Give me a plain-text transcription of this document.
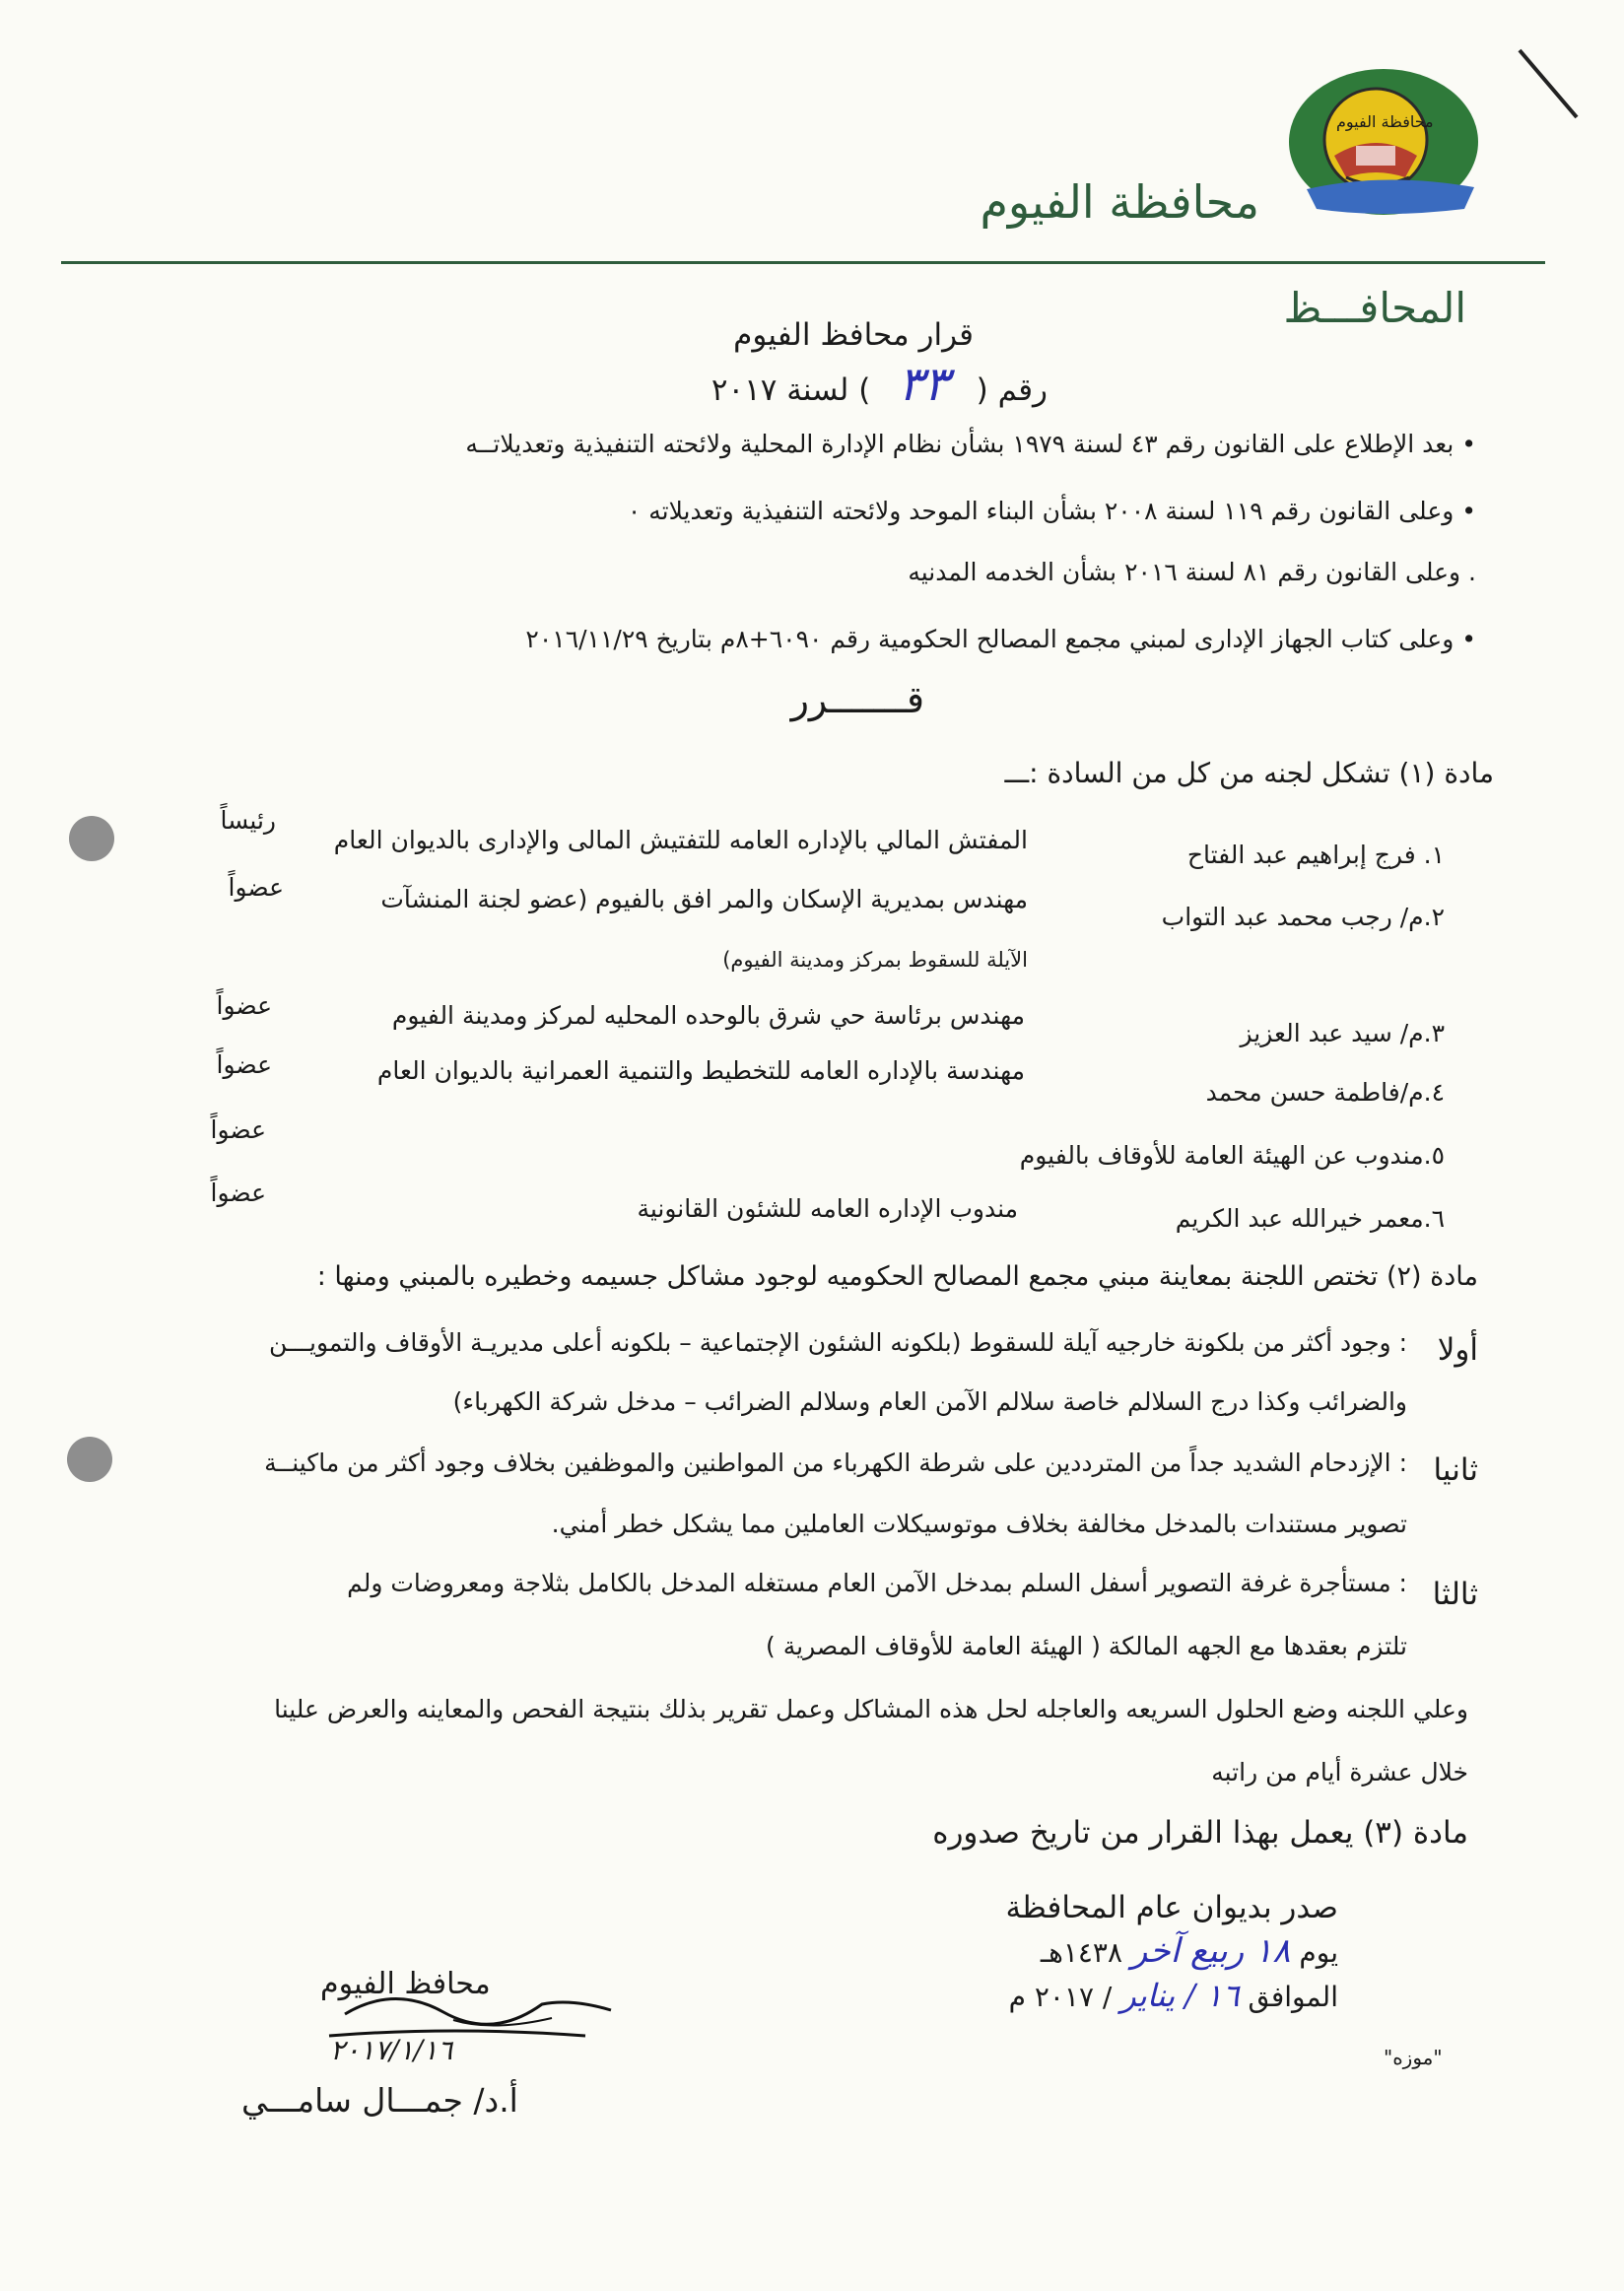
محافظة الفيوم
محافظة الفيوم
المحافـــظ
قرار محافظ الفيوم
رقم ( ٣٣ ) لسنة ٢٠١٧
• بعد الإطلاع على القانون رقم ٤٣ لسنة ١٩٧٩ بشأن نظام الإدارة المحلية ولائحته التنفيذية وتعديلاتــه
• وعلى القانون رقم ١١٩ لسنة ٢٠٠٨ بشأن البناء الموحد ولائحته التنفيذية وتعديلاته ٠
. وعلى القانون رقم ٨١ لسنة ٢٠١٦ بشأن الخدمه المدنيه
• وعلى كتاب الجهاز الإدارى لمبني مجمع المصالح الحكومية رقم ٦٠٩٠+٨م بتاريخ ٢٠١٦/١١/٢٩
قـــــــرر
مادة (١) تشكل لجنه من كل من السادة :ـــ
١. فرج إبراهيم عبد الفتاح
المفتش المالي بالإداره العامه للتفتيش المالى والإدارى بالديوان العام
رئيساً
٢.م/ رجب محمد عبد التواب
مهندس بمديرية الإسكان والمر افق بالفيوم (عضو لجنة المنشآت
الآيلة للسقوط بمركز ومدينة الفيوم)
عضواً
٣.م/ سيد عبد العزيز
مهندس برئاسة حي شرق بالوحده المحليه لمركز ومدينة الفيوم
عضواً
٤.م/فاطمة حسن محمد
مهندسة بالإداره العامه للتخطيط والتنمية العمرانية بالديوان العام
عضواً
٥.مندوب عن الهيئة العامة للأوقاف بالفيوم
عضواً
٦.معمر خيرالله عبد الكريم
مندوب الإداره العامه للشئون القانونية
عضواً
مادة (٢) تختص اللجنة بمعاينة مبني مجمع المصالح الحكوميه لوجود مشاكل جسيمه وخطيره بالمبني ومنها :
أولا
: وجود أكثر من بلكونة خارجيه آيلة للسقوط (بلكونه الشئون الإجتماعية – بلكونه أعلى مديريـة الأوقاف والتمويـــن
والضرائب وكذا درج السلالم خاصة سلالم الآمن العام وسلالم الضرائب – مدخل شركة الكهرباء)
ثانيا
: الإزدحام الشديد جداً من المترددين على شرطة الكهرباء من المواطنين والموظفين بخلاف وجود أكثر من ماكينــة
تصوير مستندات بالمدخل مخالفة بخلاف موتوسيكلات العاملين مما يشكل خطر أمني.
ثالثا
: مستأجرة غرفة التصوير أسفل السلم بمدخل الآمن العام مستغله المدخل بالكامل بثلاجة ومعروضات ولم
تلتزم بعقدها مع الجهه المالكة ( الهيئة العامة للأوقاف المصرية )
وعلي اللجنه وضع الحلول السريعه والعاجله لحل هذه المشاكل وعمل تقرير بذلك بنتيجة الفحص والمعاينه والعرض علينا
خلال عشرة أيام من راتبه
مادة (٣) يعمل بهذا القرار من تاريخ صدوره
صدر بديوان عام المحافظة
يوم ١٨ ربيع آخر ١٤٣٨هـ
الموافق ١٦ / يناير / ٢٠١٧ م
محافظ الفيوم
٢٠١٧/١/١٦
أ.د/ جمـــال سامـــي
"موزه"
